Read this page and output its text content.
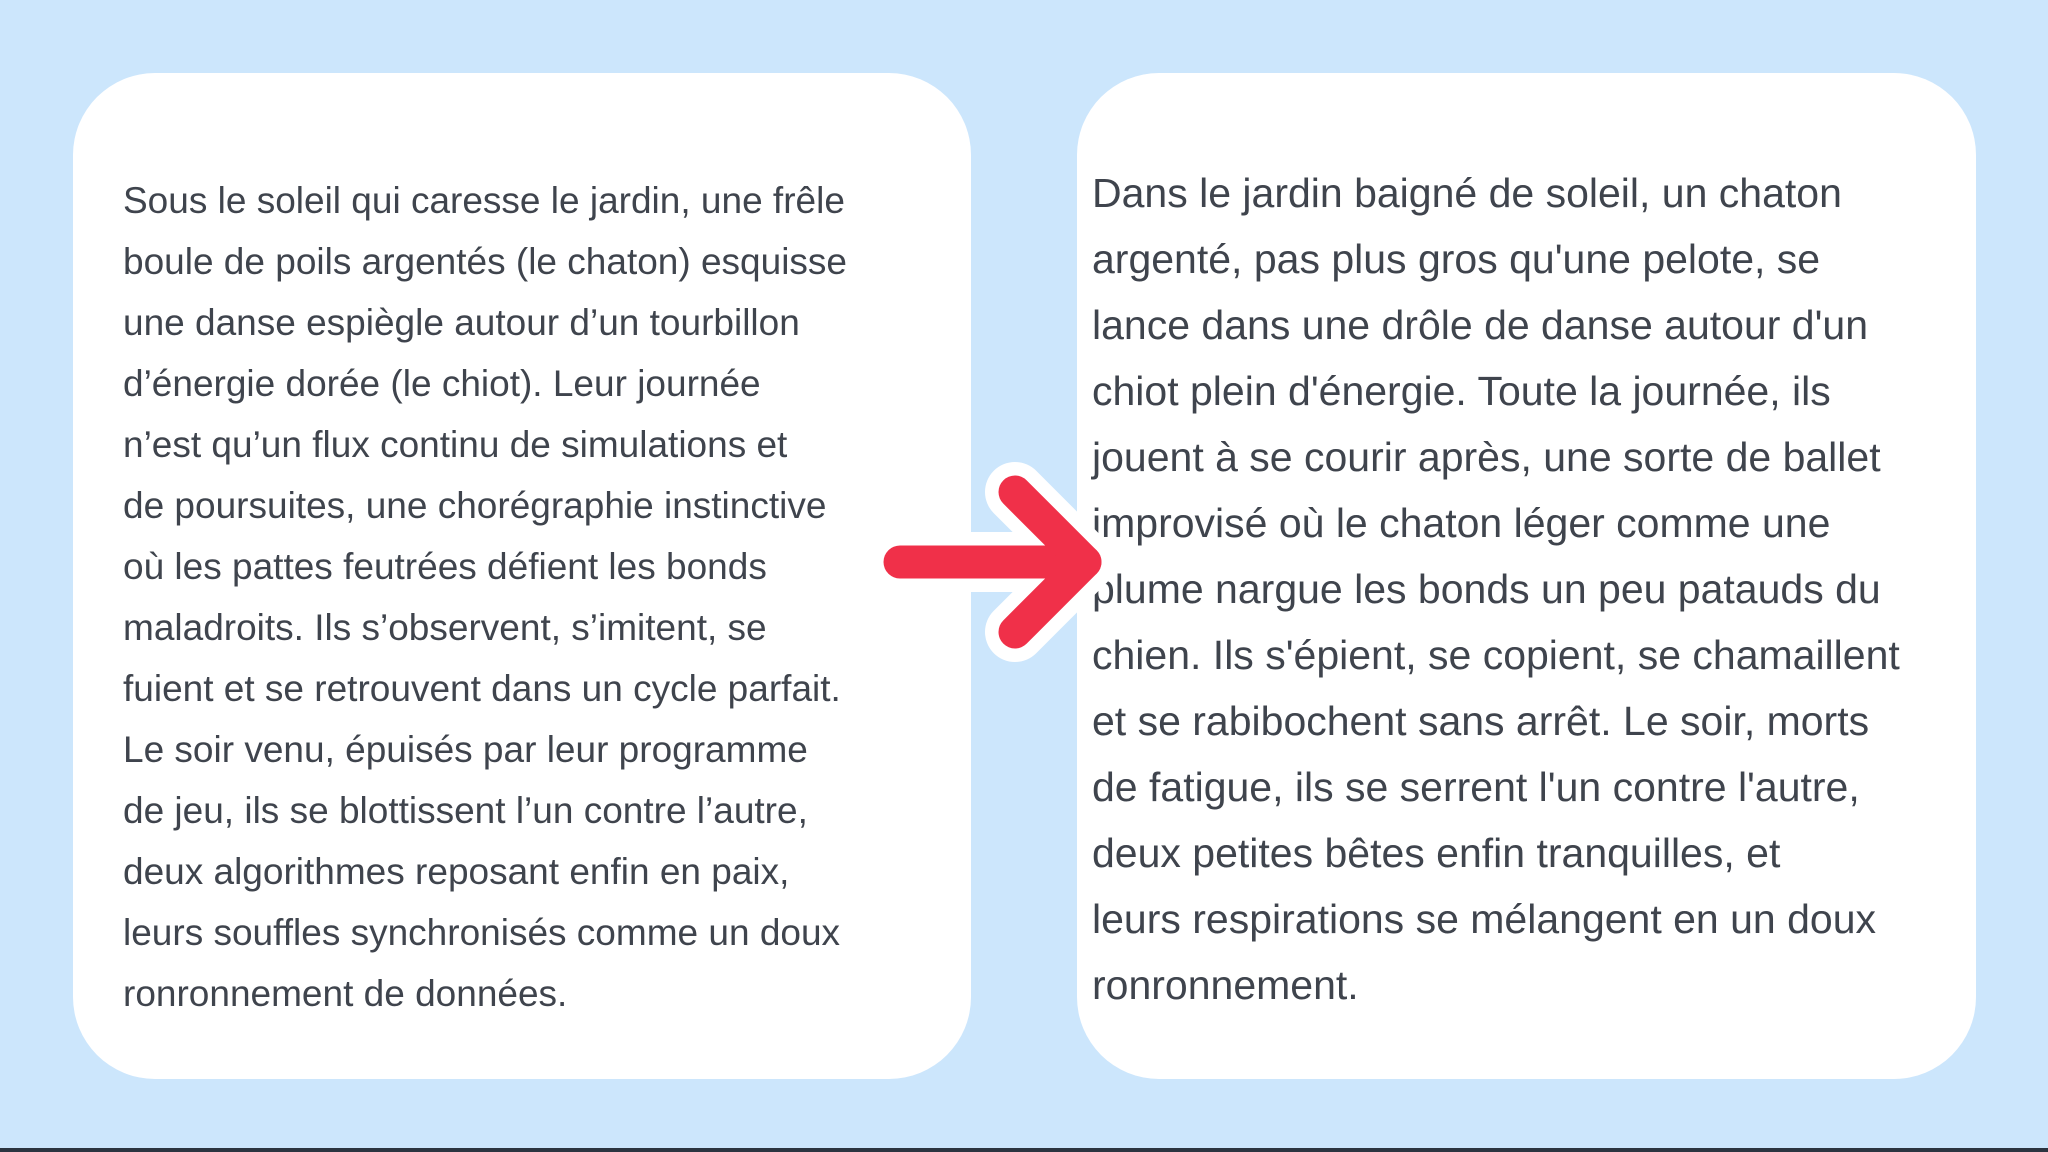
Sous le soleil qui caresse le jardin, une frêle
boule de poils argentés (le chaton) esquisse
une danse espiègle autour d’un tourbillon
d’énergie dorée (le chiot). Leur journée
n’est qu’un flux continu de simulations et
de poursuites, une chorégraphie instinctive
où les pattes feutrées défient les bonds
maladroits. Ils s’observent, s’imitent, se
fuient et se retrouvent dans un cycle parfait.
Le soir venu, épuisés par leur programme
de jeu, ils se blottissent l’un contre l’autre,
deux algorithmes reposant enfin en paix,
leurs souffles synchronisés comme un doux
ronronnement de données.

Dans le jardin baigné de soleil, un chaton
argenté, pas plus gros qu'une pelote, se
lance dans une drôle de danse autour d'un
chiot plein d'énergie. Toute la journée, ils
jouent à se courir après, une sorte de ballet
improvisé où le chaton léger comme une
plume nargue les bonds un peu patauds du
chien. Ils s'épient, se copient, se chamaillent
et se rabibochent sans arrêt. Le soir, morts
de fatigue, ils se serrent l'un contre l'autre,
deux petites bêtes enfin tranquilles, et
leurs respirations se mélangent en un doux
ronronnement.
